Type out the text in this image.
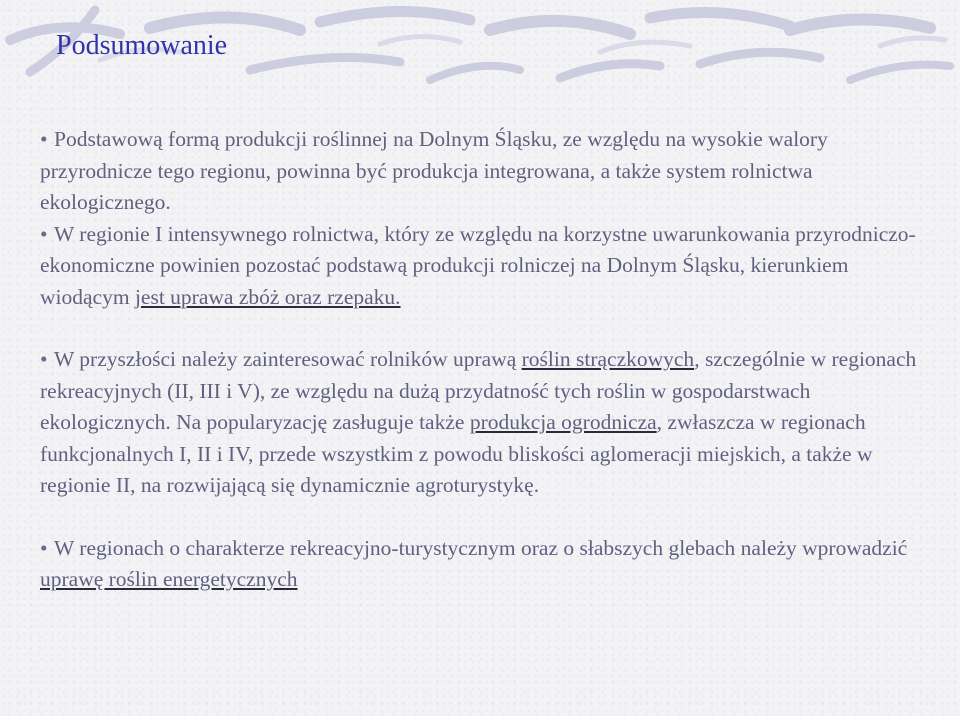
Podsumowanie
• Podstawową formą produkcji roślinnej na Dolnym Śląsku, ze względu na wysokie walory przyrodnicze tego regionu, powinna być produkcja integrowana, a także system rolnictwa ekologicznego.
• W regionie I intensywnego rolnictwa, który ze względu na korzystne uwarunkowania przyrodniczo-ekonomiczne powinien pozostać podstawą produkcji rolniczej na Dolnym Śląsku, kierunkiem wiodącym jest uprawa zbóż oraz rzepaku.
• W przyszłości należy zainteresować rolników uprawą roślin strączkowych, szczególnie w regionach rekreacyjnych (II, III i V), ze względu na dużą przydatność tych roślin w gospodarstwach ekologicznych. Na popularyzację zasługuje także produkcja ogrodnicza, zwłaszcza w regionach funkcjonalnych I, II i IV, przede wszystkim z powodu bliskości aglomeracji miejskich, a także w regionie II, na rozwijającą się dynamicznie agroturystykę.
• W regionach o charakterze rekreacyjno-turystycznym oraz o słabszych glebach należy wprowadzić uprawę roślin energetycznych
